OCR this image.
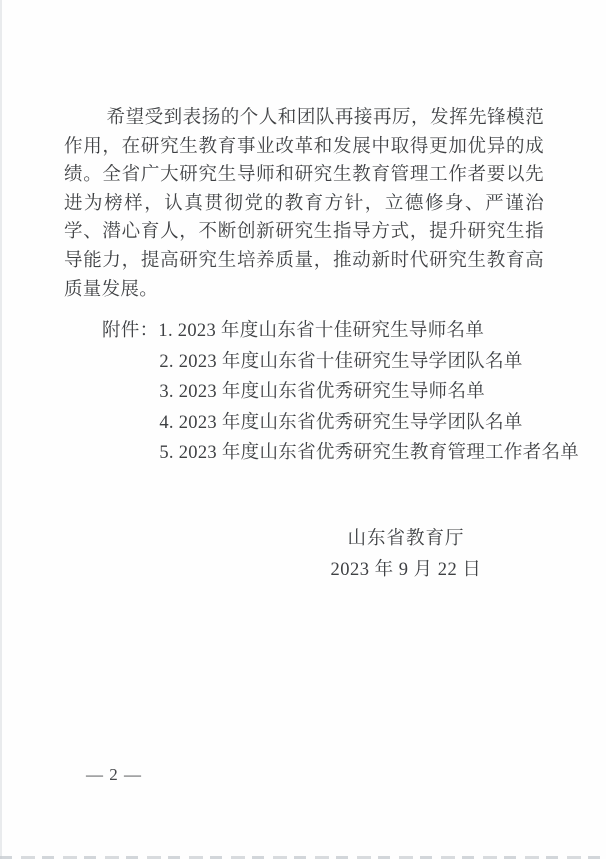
希望受到表扬的个人和团队再接再厉，发挥先锋模范作用，在研究生教育事业改革和发展中取得更加优异的成绩。全省广大研究生导师和研究生教育管理工作者要以先进为榜样，认真贯彻党的教育方针，立德修身、严谨治学、潜心育人，不断创新研究生指导方式，提升研究生指导能力，提高研究生培养质量，推动新时代研究生教育高质量发展。

附件： 1. 2023 年度山东省十佳研究生导师名单
2. 2023 年度山东省十佳研究生导学团队名单
3. 2023 年度山东省优秀研究生导师名单
4. 2023 年度山东省优秀研究生导学团队名单
5. 2023 年度山东省优秀研究生教育管理工作者名单
山东省教育厅
2023 年 9 月 22 日
— 2 —
